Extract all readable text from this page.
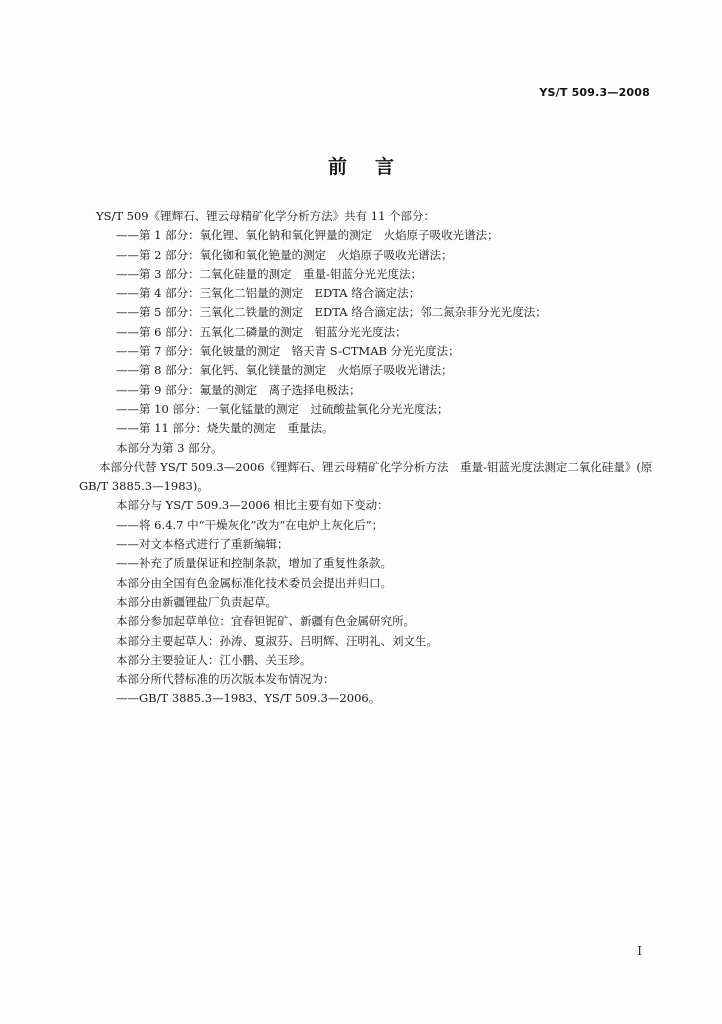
YS/T 509.3—2008
前言
YS/T 509《锂辉石、锂云母精矿化学分析方法》共有 11 个部分：
——第 1 部分：氧化锂、氧化钠和氧化钾量的测定　火焰原子吸收光谱法；
——第 2 部分：氧化铷和氧化铯量的测定　火焰原子吸收光谱法；
——第 3 部分：二氧化硅量的测定　重量-钼蓝分光光度法；
——第 4 部分：三氧化二铝量的测定　EDTA 络合滴定法；
——第 5 部分：三氧化二铁量的测定　EDTA 络合滴定法；邻二氮杂菲分光光度法；
——第 6 部分：五氧化二磷量的测定　钼蓝分光光度法；
——第 7 部分：氧化铍量的测定　铬天青 S-CTMAB 分光光度法；
——第 8 部分：氧化钙、氧化镁量的测定　火焰原子吸收光谱法；
——第 9 部分：氟量的测定　离子选择电极法；
——第 10 部分：一氧化锰量的测定　过硫酸盐氧化分光光度法；
——第 11 部分：烧失量的测定　重量法。
本部分为第 3 部分。
本部分代替 YS/T 509.3—2006《锂辉石、锂云母精矿化学分析方法　重量-钼蓝光度法测定二氧化硅量》(原 GB/T 3885.3—1983)。
本部分与 YS/T 509.3—2006 相比主要有如下变动：
——将 6.4.7 中“干燥灰化”改为“在电炉上灰化后”；
——对文本格式进行了重新编辑；
——补充了质量保证和控制条款，增加了重复性条款。
本部分由全国有色金属标准化技术委员会提出并归口。
本部分由新疆锂盐厂负责起草。
本部分参加起草单位：宜春钽铌矿、新疆有色金属研究所。
本部分主要起草人：孙涛、夏淑芬、吕明辉、汪明礼、刘文生。
本部分主要验证人：江小鹏、关玉珍。
本部分所代替标准的历次版本发布情况为：
——GB/T 3885.3—1983、YS/T 509.3—2006。
I
